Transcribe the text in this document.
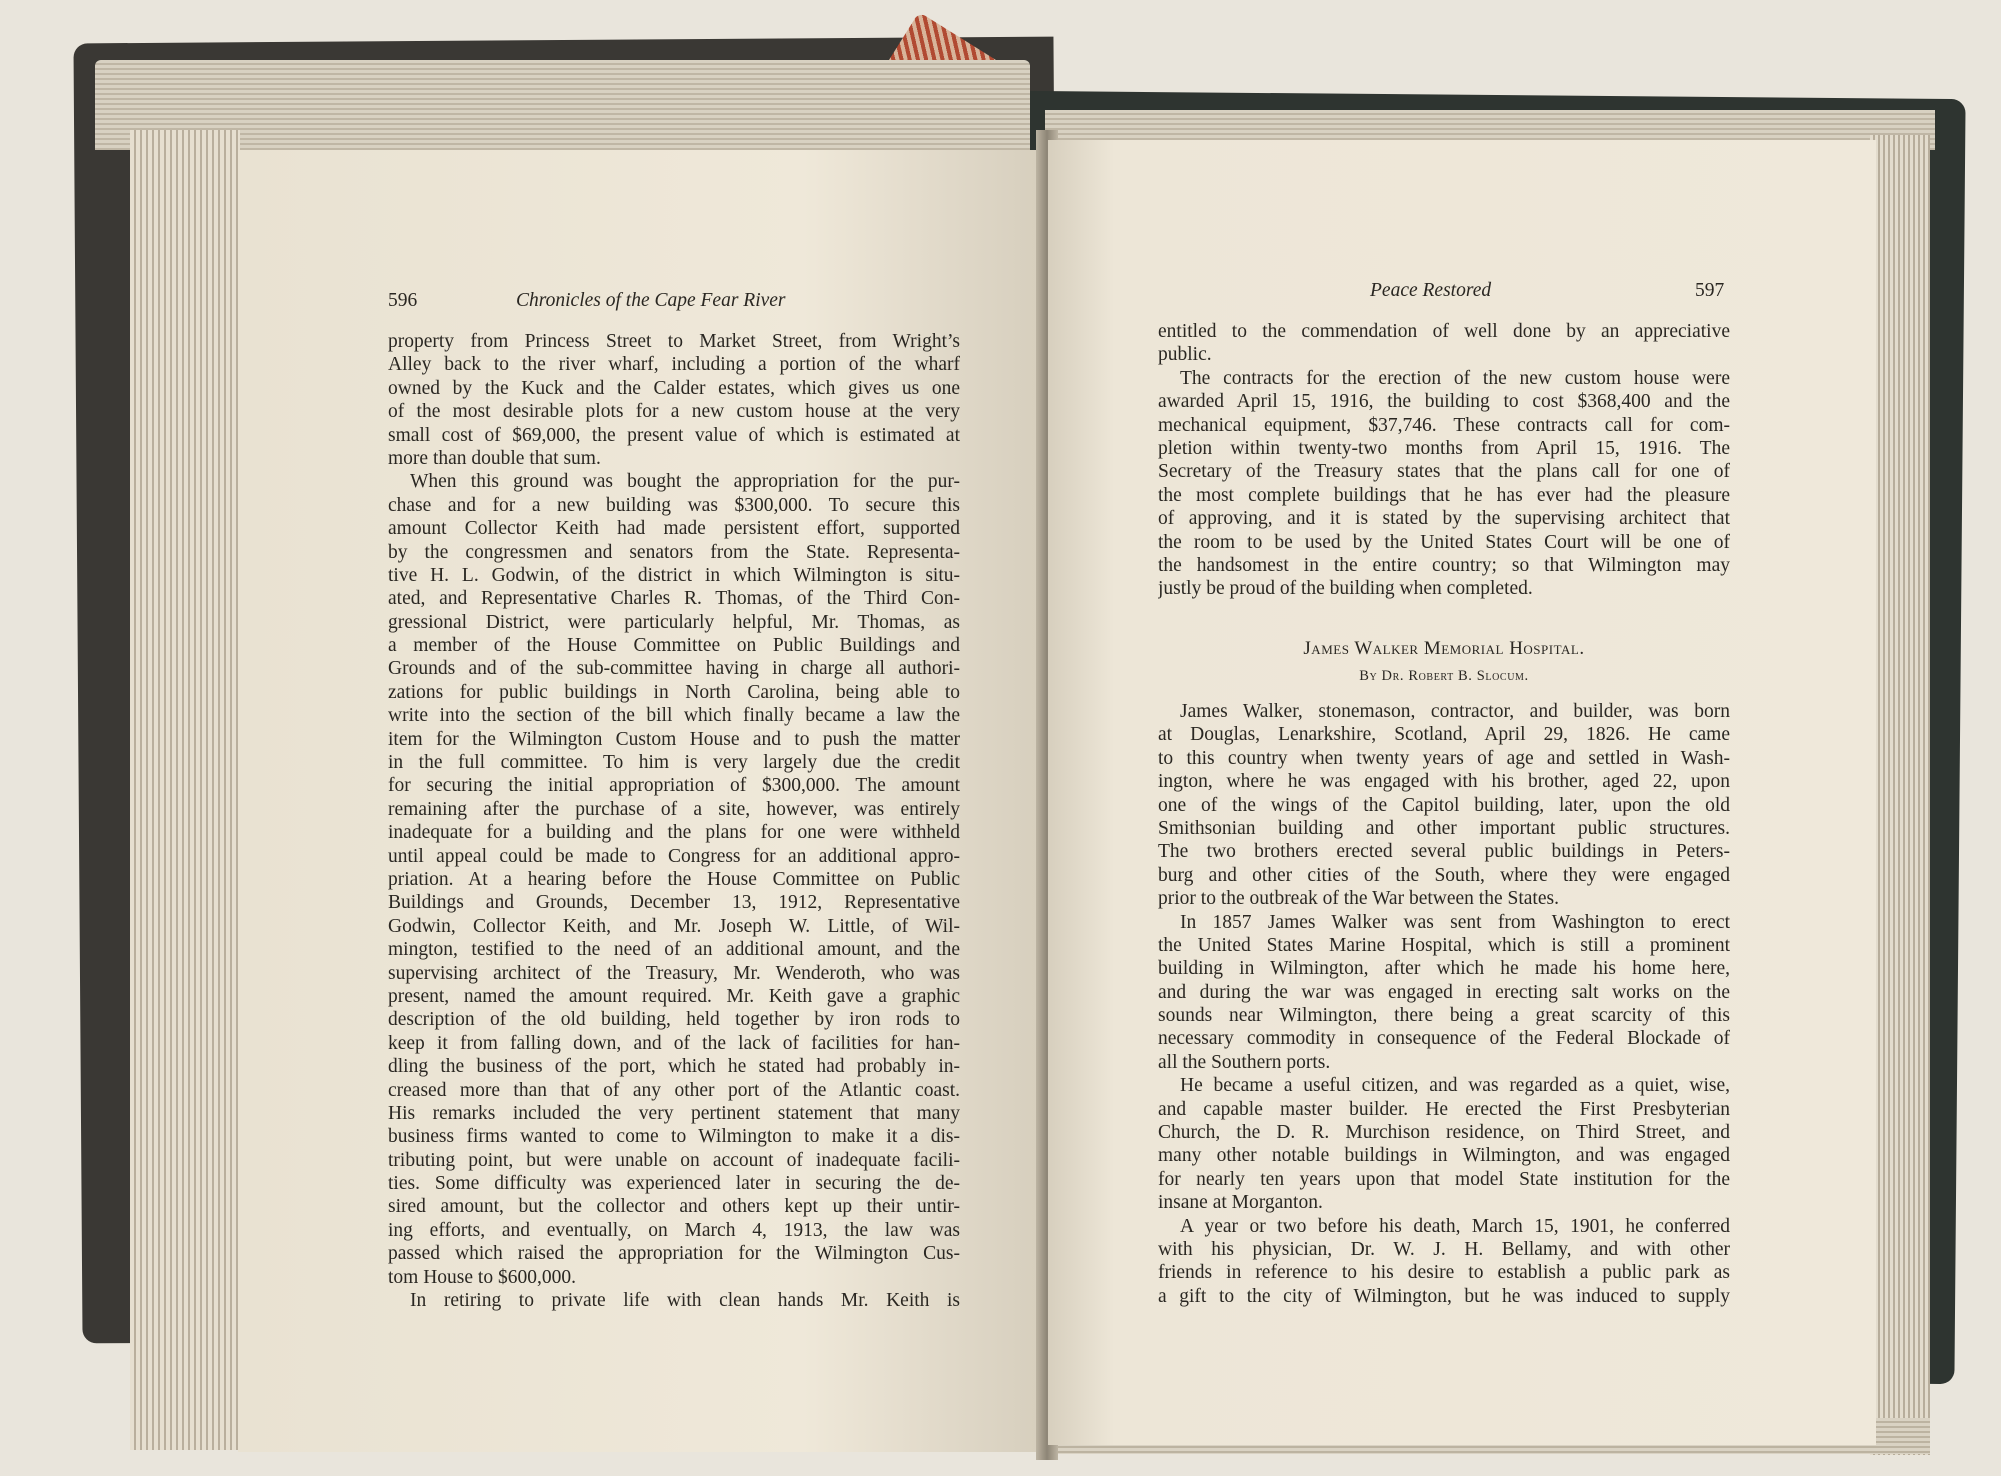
596	Chronicles of the Cape Fear River
property from Princess Street to Market Street, from Wright’s
Alley back to the river wharf, including a portion of the wharf
owned by the Kuck and the Calder estates, which gives us one
of the most desirable plots for a new custom house at the very
small cost of $69,000, the present value of which is estimated at
more than double that sum.
When this ground was bought the appropriation for the pur-
chase and for a new building was $300,000. To secure this
amount Collector Keith had made persistent effort, supported
by the congressmen and senators from the State. Representa-
tive H. L. Godwin, of the district in which Wilmington is situ-
ated, and Representative Charles R. Thomas, of the Third Con-
gressional District, were particularly helpful, Mr. Thomas, as
a member of the House Committee on Public Buildings and
Grounds and of the sub-committee having in charge all authori-
zations for public buildings in North Carolina, being able to
write into the section of the bill which finally became a law the
item for the Wilmington Custom House and to push the matter
in the full committee. To him is very largely due the credit
for securing the initial appropriation of $300,000. The amount
remaining after the purchase of a site, however, was entirely
inadequate for a building and the plans for one were withheld
until appeal could be made to Congress for an additional appro-
priation. At a hearing before the House Committee on Public
Buildings and Grounds, December 13, 1912, Representative
Godwin, Collector Keith, and Mr. Joseph W. Little, of Wil-
mington, testified to the need of an additional amount, and the
supervising architect of the Treasury, Mr. Wenderoth, who was
present, named the amount required. Mr. Keith gave a graphic
description of the old building, held together by iron rods to
keep it from falling down, and of the lack of facilities for han-
dling the business of the port, which he stated had probably in-
creased more than that of any other port of the Atlantic coast.
His remarks included the very pertinent statement that many
business firms wanted to come to Wilmington to make it a dis-
tributing point, but were unable on account of inadequate facili-
ties. Some difficulty was experienced later in securing the de-
sired amount, but the collector and others kept up their untir-
ing efforts, and eventually, on March 4, 1913, the law was
passed which raised the appropriation for the Wilmington Cus-
tom House to $600,000.
In retiring to private life with clean hands Mr. Keith is
Peace Restored	597
entitled to the commendation of well done by an appreciative
public.
The contracts for the erection of the new custom house were
awarded April 15, 1916, the building to cost $368,400 and the
mechanical equipment, $37,746. These contracts call for com-
pletion within twenty-two months from April 15, 1916. The
Secretary of the Treasury states that the plans call for one of
the most complete buildings that he has ever had the pleasure
of approving, and it is stated by the supervising architect that
the room to be used by the United States Court will be one of
the handsomest in the entire country; so that Wilmington may
justly be proud of the building when completed.
James Walker Memorial Hospital.
By Dr. Robert B. Slocum.
James Walker, stonemason, contractor, and builder, was born
at Douglas, Lenarkshire, Scotland, April 29, 1826. He came
to this country when twenty years of age and settled in Wash-
ington, where he was engaged with his brother, aged 22, upon
one of the wings of the Capitol building, later, upon the old
Smithsonian building and other important public structures.
The two brothers erected several public buildings in Peters-
burg and other cities of the South, where they were engaged
prior to the outbreak of the War between the States.
In 1857 James Walker was sent from Washington to erect
the United States Marine Hospital, which is still a prominent
building in Wilmington, after which he made his home here,
and during the war was engaged in erecting salt works on the
sounds near Wilmington, there being a great scarcity of this
necessary commodity in consequence of the Federal Blockade of
all the Southern ports.
He became a useful citizen, and was regarded as a quiet, wise,
and capable master builder. He erected the First Presbyterian
Church, the D. R. Murchison residence, on Third Street, and
many other notable buildings in Wilmington, and was engaged
for nearly ten years upon that model State institution for the
insane at Morganton.
A year or two before his death, March 15, 1901, he conferred
with his physician, Dr. W. J. H. Bellamy, and with other
friends in reference to his desire to establish a public park as
a gift to the city of Wilmington, but he was induced to supply
